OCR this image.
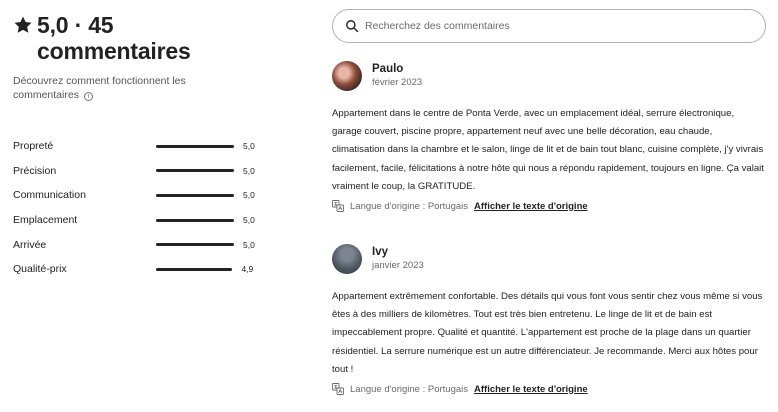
5,0 · 45
commentaires
Découvrez comment fonctionnent les
commentaires i
Propreté	5,0
Précision	5,0
Communication	5,0
Emplacement	5,0
Arrivée	5,0
Qualité-prix	4,9
Recherchez des commentaires
Paulo
février 2023

Appartement dans le centre de Ponta Verde, avec un emplacement idéal, serrure électronique, garage couvert, piscine propre, appartement neuf avec une belle décoration, eau chaude, climatisation dans la chambre et le salon, linge de lit et de bain tout blanc, cuisine complète, j'y vivrais facilement, facile, félicitations à notre hôte qui nous a répondu rapidement, toujours en ligne. Ça valait vraiment le coup, la GRATITUDE.

Langue d'origine : Portugais Afficher le texte d'origine
Ivy
janvier 2023

Appartement extrêmement confortable. Des détails qui vous font vous sentir chez vous même si vous êtes à des milliers de kilomètres. Tout est très bien entretenu. Le linge de lit et de bain est impeccablement propre. Qualité et quantité. L'appartement est proche de la plage dans un quartier résidentiel. La serrure numérique est un autre différenciateur. Je recommande. Merci aux hôtes pour tout !

Langue d'origine : Portugais Afficher le texte d'origine
